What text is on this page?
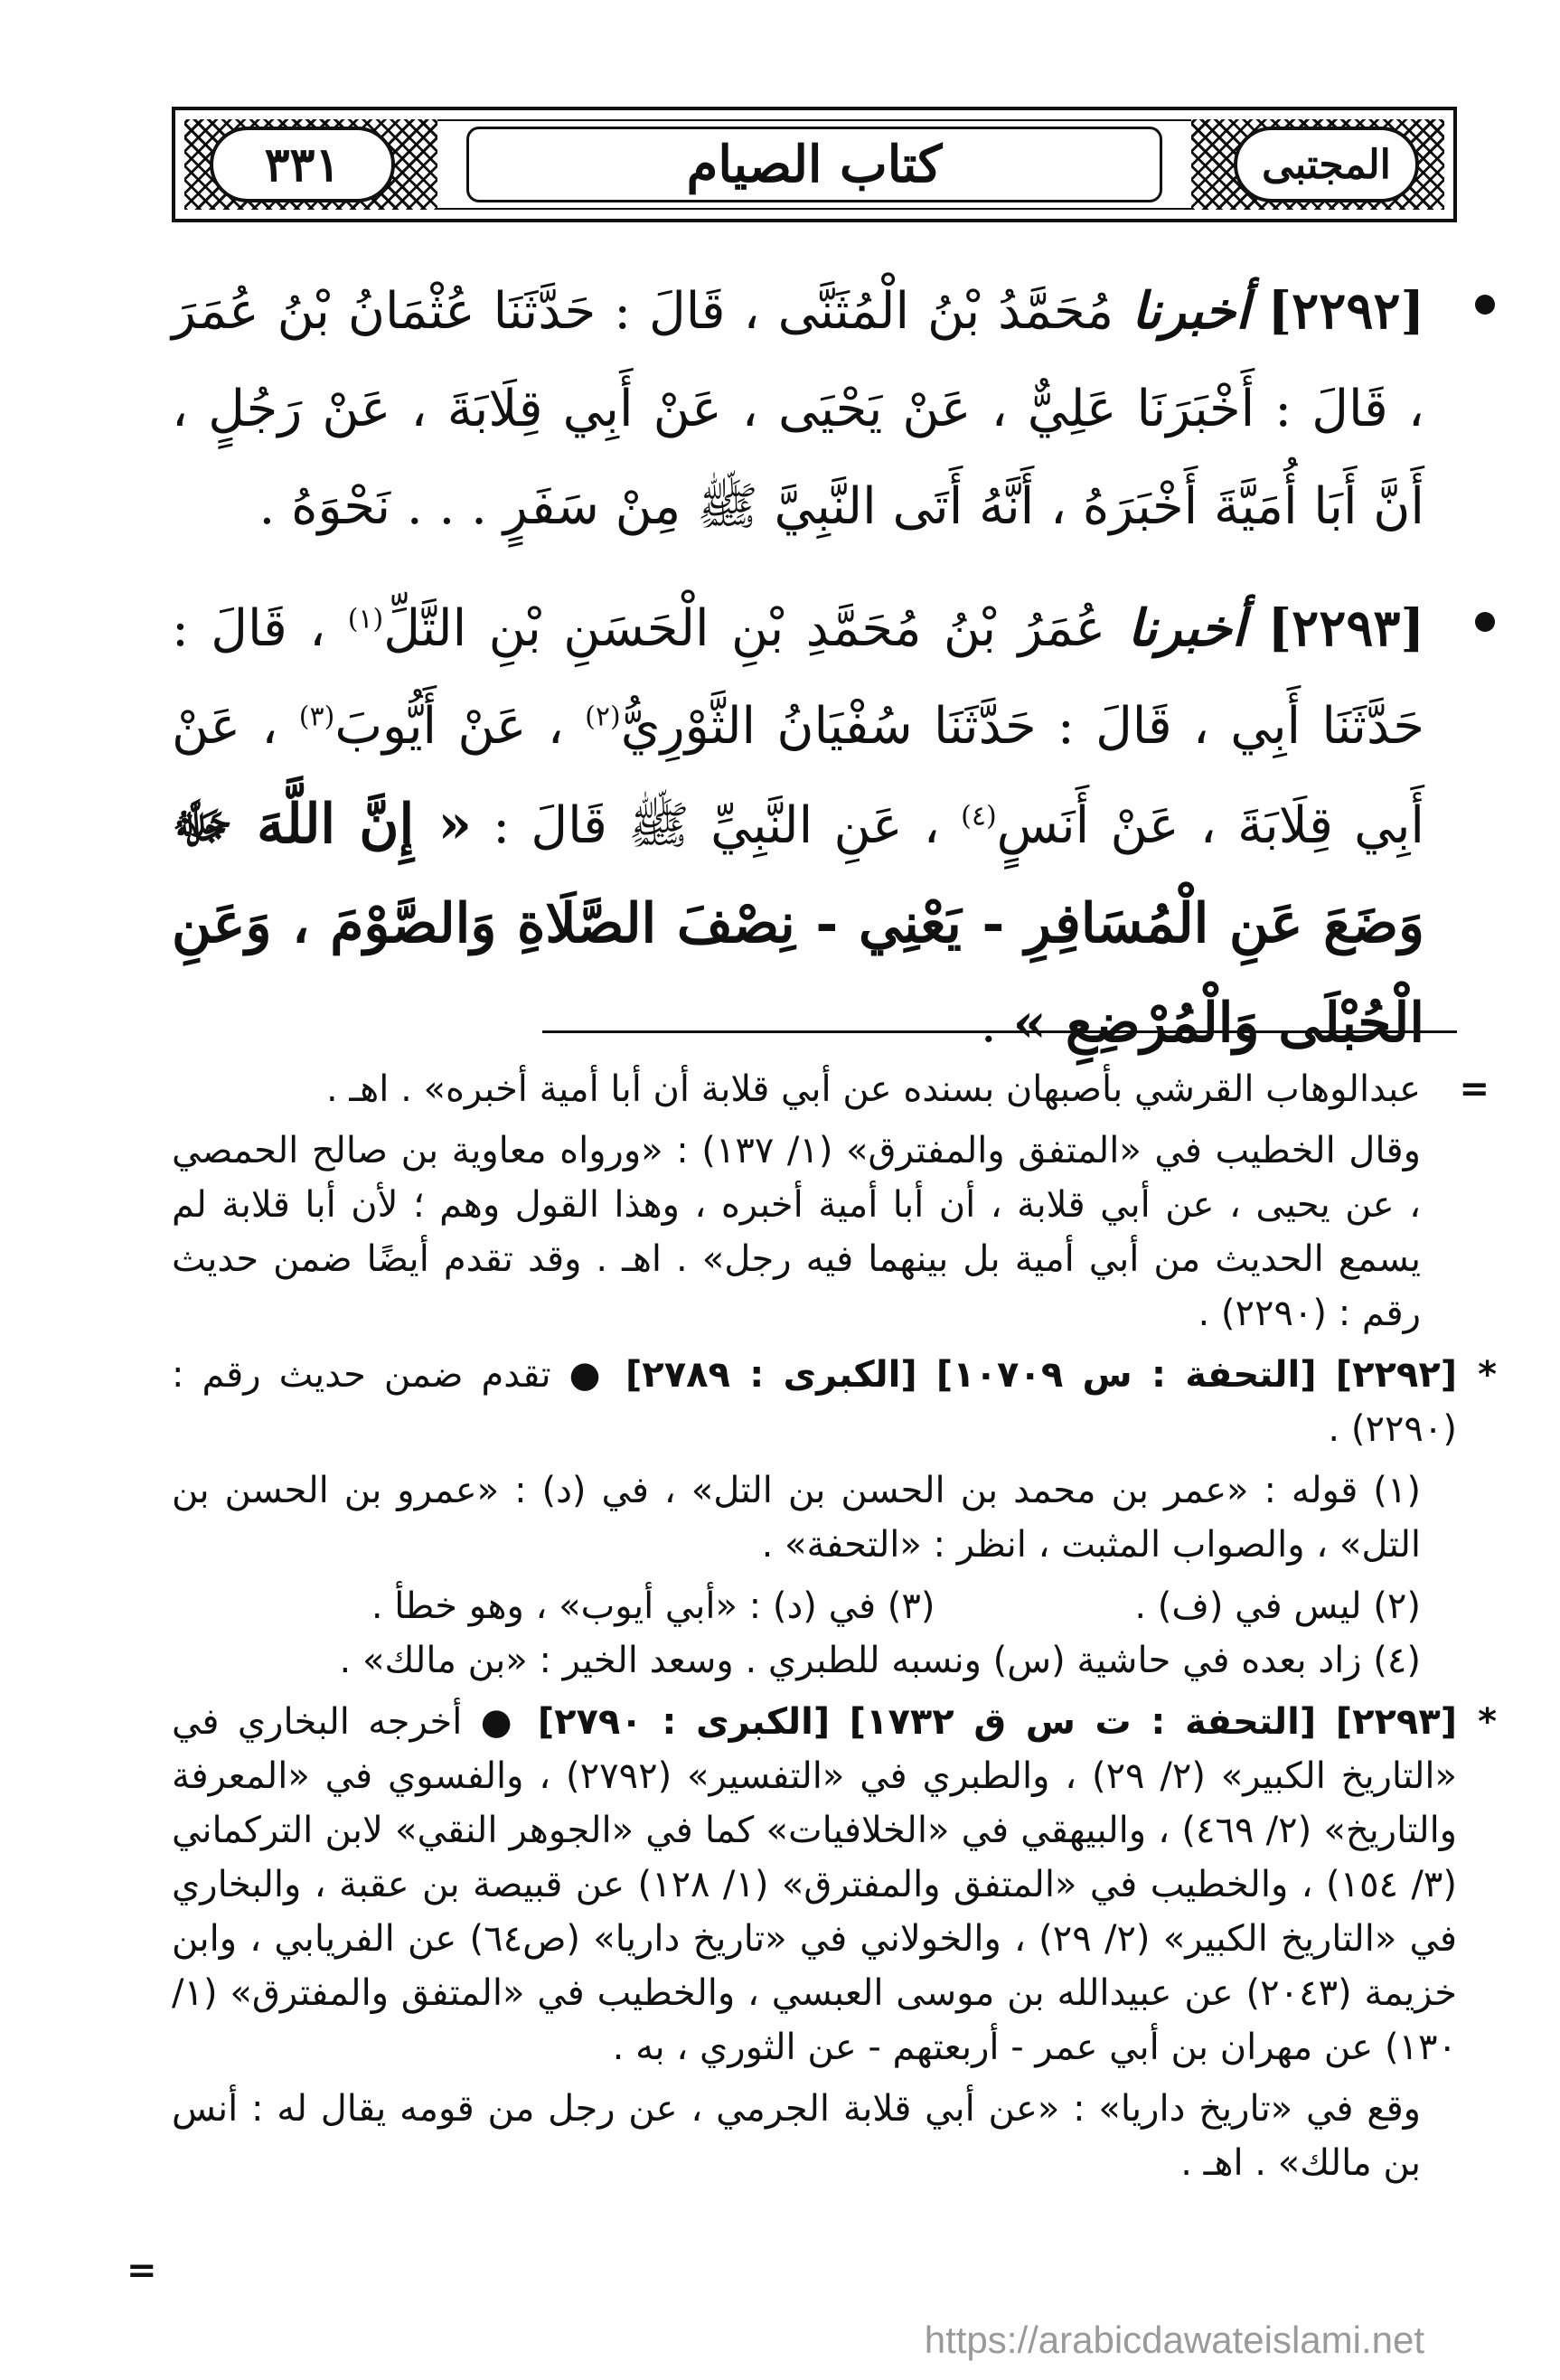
٣٣١	كتاب الصيام	المجتبى

[٢٢٩٢] أخبرنا مُحَمَّدُ بْنُ الْمُثَنَّى ، قَالَ : حَدَّثَنَا عُثْمَانُ بْنُ عُمَرَ ، قَالَ : أَخْبَرَنَا عَلِيٌّ ، عَنْ يَحْيَى ، عَنْ أَبِي قِلَابَةَ ، عَنْ رَجُلٍ ، أَنَّ أَبَا أُمَيَّةَ أَخْبَرَهُ ، أَنَّهُ أَتَى النَّبِيَّ ﷺ مِنْ سَفَرٍ . . . نَحْوَهُ .

[٢٢٩٣] أخبرنا عُمَرُ بْنُ مُحَمَّدِ بْنِ الْحَسَنِ بْنِ التَّلِّ$^{(١)}$ ، قَالَ : حَدَّثَنَا أَبِي ، قَالَ : حَدَّثَنَا سُفْيَانُ الثَّوْرِيُّ$^{(٢)}$ ، عَنْ أَيُّوبَ$^{(٣)}$ ، عَنْ أَبِي قِلَابَةَ ، عَنْ أَنَسٍ$^{(٤)}$ ، عَنِ النَّبِيِّ ﷺ قَالَ : « إِنَّ اللَّهَ ﷻ وَضَعَ عَنِ الْمُسَافِرِ - يَعْنِي - نِصْفَ الصَّلَاةِ وَالصَّوْمَ ، وَعَنِ الْحُبْلَى وَالْمُرْضِعِ » .

=
عبدالوهاب القرشي بأصبهان بسنده عن أبي قلابة أن أبا أمية أخبره» . اهـ .

وقال الخطيب في «المتفق والمفترق» (١/ ١٣٧) : «ورواه معاوية بن صالح الحمصي ، عن يحيى ، عن أبي قلابة ، أن أبا أمية أخبره ، وهذا القول وهم ؛ لأن أبا قلابة لم يسمع الحديث من أبي أمية بل بينهما فيه رجل» . اهـ . وقد تقدم أيضًا ضمن حديث رقم : (٢٢٩٠) .

*
[٢٢٩٢] [التحفة : س ١٠٧٠٩] [الكبرى : ٢٧٨٩] ● تقدم ضمن حديث رقم : (٢٢٩٠) .

(١) قوله : «عمر بن محمد بن الحسن بن التل» ، في (د) : «عمرو بن الحسن بن التل» ، والصواب المثبت ، انظر : «التحفة» .

(٢) ليس في (ف) .
(٣) في (د) : «أبي أيوب» ، وهو خطأ .

(٤) زاد بعده في حاشية (س) ونسبه للطبري . وسعد الخير : «بن مالك» .

*
[٢٢٩٣] [التحفة : ت س ق ١٧٣٢] [الكبرى : ٢٧٩٠] ● أخرجه البخاري في «التاريخ الكبير» (٢/ ٢٩) ، والطبري في «التفسير» (٢٧٩٢) ، والفسوي في «المعرفة والتاريخ» (٢/ ٤٦٩) ، والبيهقي في «الخلافيات» كما في «الجوهر النقي» لابن التركماني (٣/ ١٥٤) ، والخطيب في «المتفق والمفترق» (١/ ١٢٨) عن قبيصة بن عقبة ، والبخاري في «التاريخ الكبير» (٢/ ٢٩) ، والخولاني في «تاريخ داريا» (ص٦٤) عن الفريابي ، وابن خزيمة (٢٠٤٣) عن عبيدالله بن موسى العبسي ، والخطيب في «المتفق والمفترق» (١/ ١٣٠) عن مهران بن أبي عمر - أربعتهم - عن الثوري ، به .

وقع في «تاريخ داريا» : «عن أبي قلابة الجرمي ، عن رجل من قومه يقال له : أنس بن مالك» . اهـ .

=
https://arabicdawateislami.net
